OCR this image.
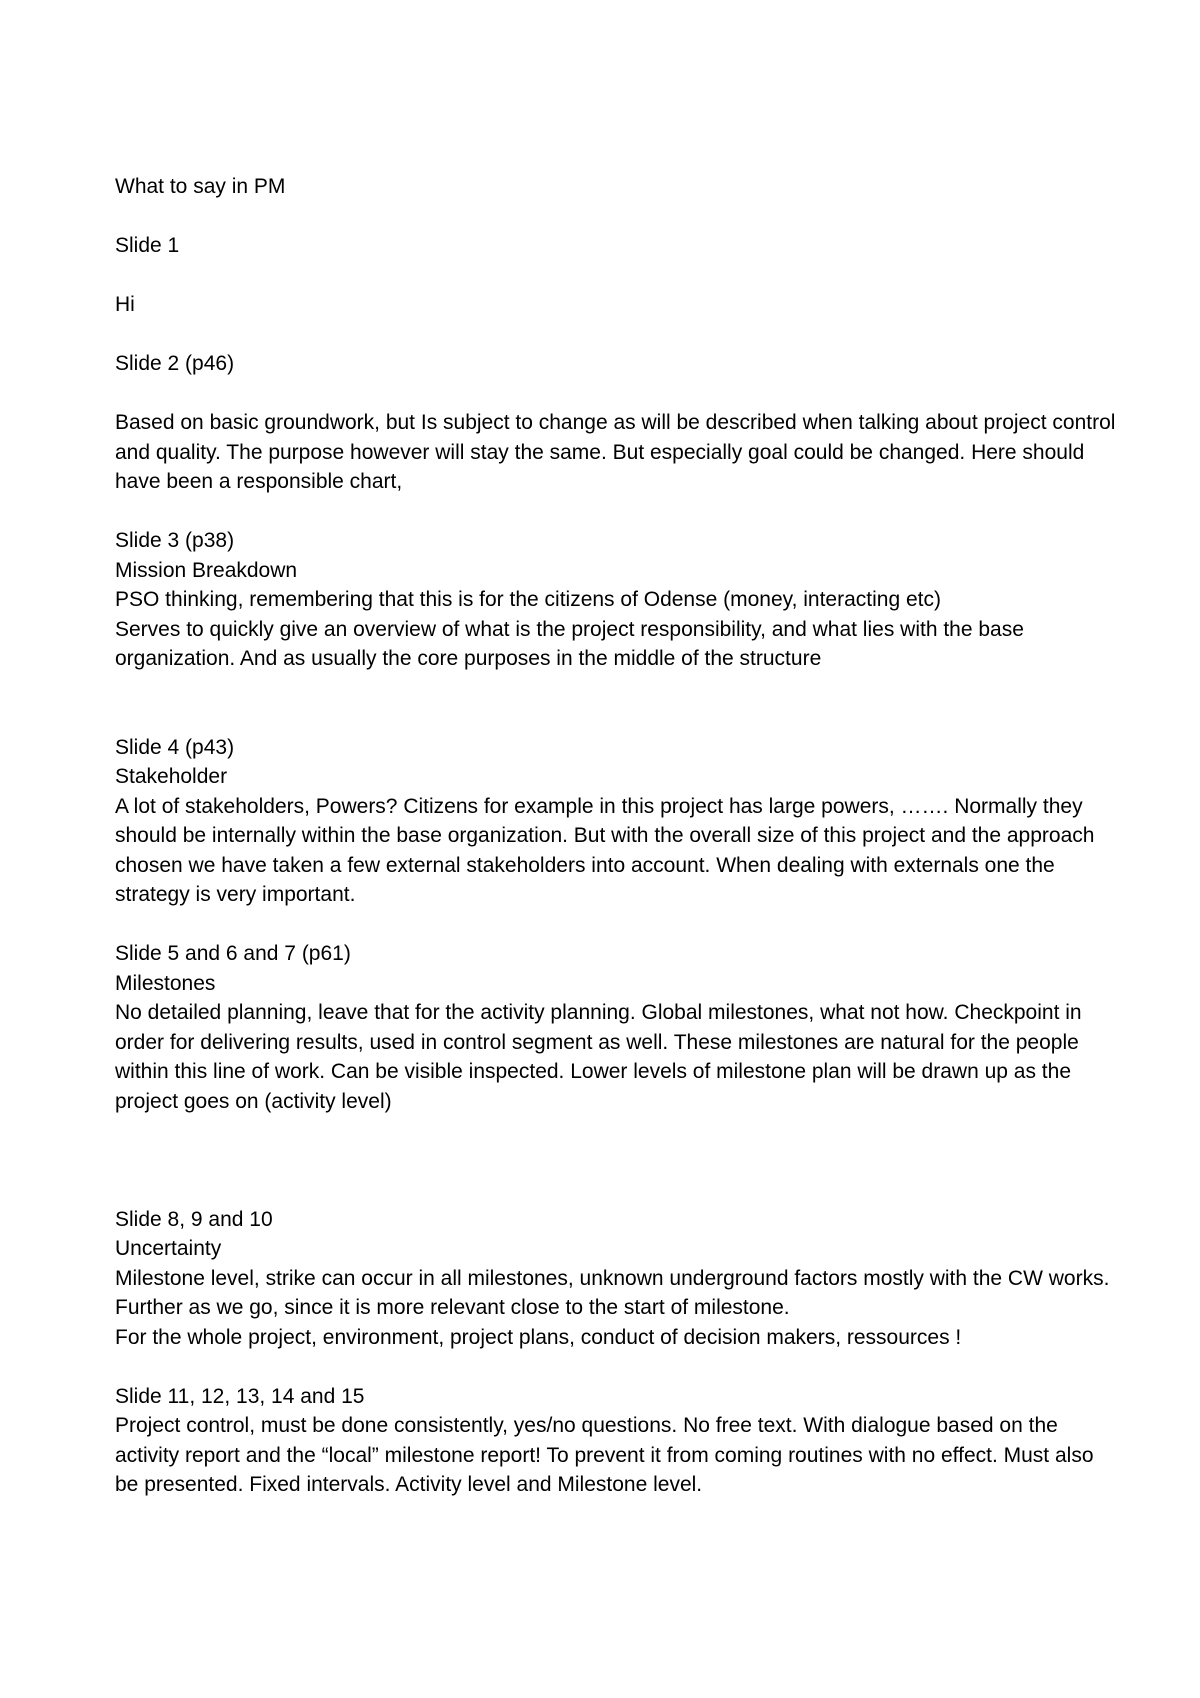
What to say in PM
Slide 1
Hi
Slide 2 (p46)
Based on basic groundwork, but Is subject to change as will be described when talking about project control and quality. The purpose however will stay the same. But especially goal could be changed. Here should have been a responsible chart,
Slide 3 (p38)
Mission Breakdown
PSO thinking, remembering that this is for the citizens of Odense (money, interacting etc)
Serves to quickly give an overview of what is the project responsibility, and what lies with the base organization. And as usually the core purposes in the middle of the structure
Slide 4 (p43)
Stakeholder
A lot of stakeholders, Powers? Citizens for example in this project has large powers, ……. Normally they should be internally within the base organization. But with the overall size of this project and the approach chosen we have taken a few external stakeholders into account. When dealing with externals one the strategy is very important.
Slide 5 and 6 and 7 (p61)
Milestones
No detailed planning, leave that for the activity planning. Global milestones, what not how. Checkpoint in order for delivering results, used in control segment as well. These milestones are natural for the people within this line of work. Can be visible inspected. Lower levels of milestone plan will be drawn up as the project goes on (activity level)
Slide 8, 9 and 10
Uncertainty
Milestone level, strike can occur in all milestones, unknown underground factors mostly with the CW works. Further as we go, since it is more relevant close to the start of milestone.
For the whole project, environment, project plans, conduct of decision makers, ressources !
Slide 11, 12, 13, 14 and 15
Project control, must be done consistently, yes/no questions. No free text. With dialogue based on the activity report and the “local” milestone report! To prevent it from coming routines with no effect. Must also be presented. Fixed intervals. Activity level and Milestone level.
